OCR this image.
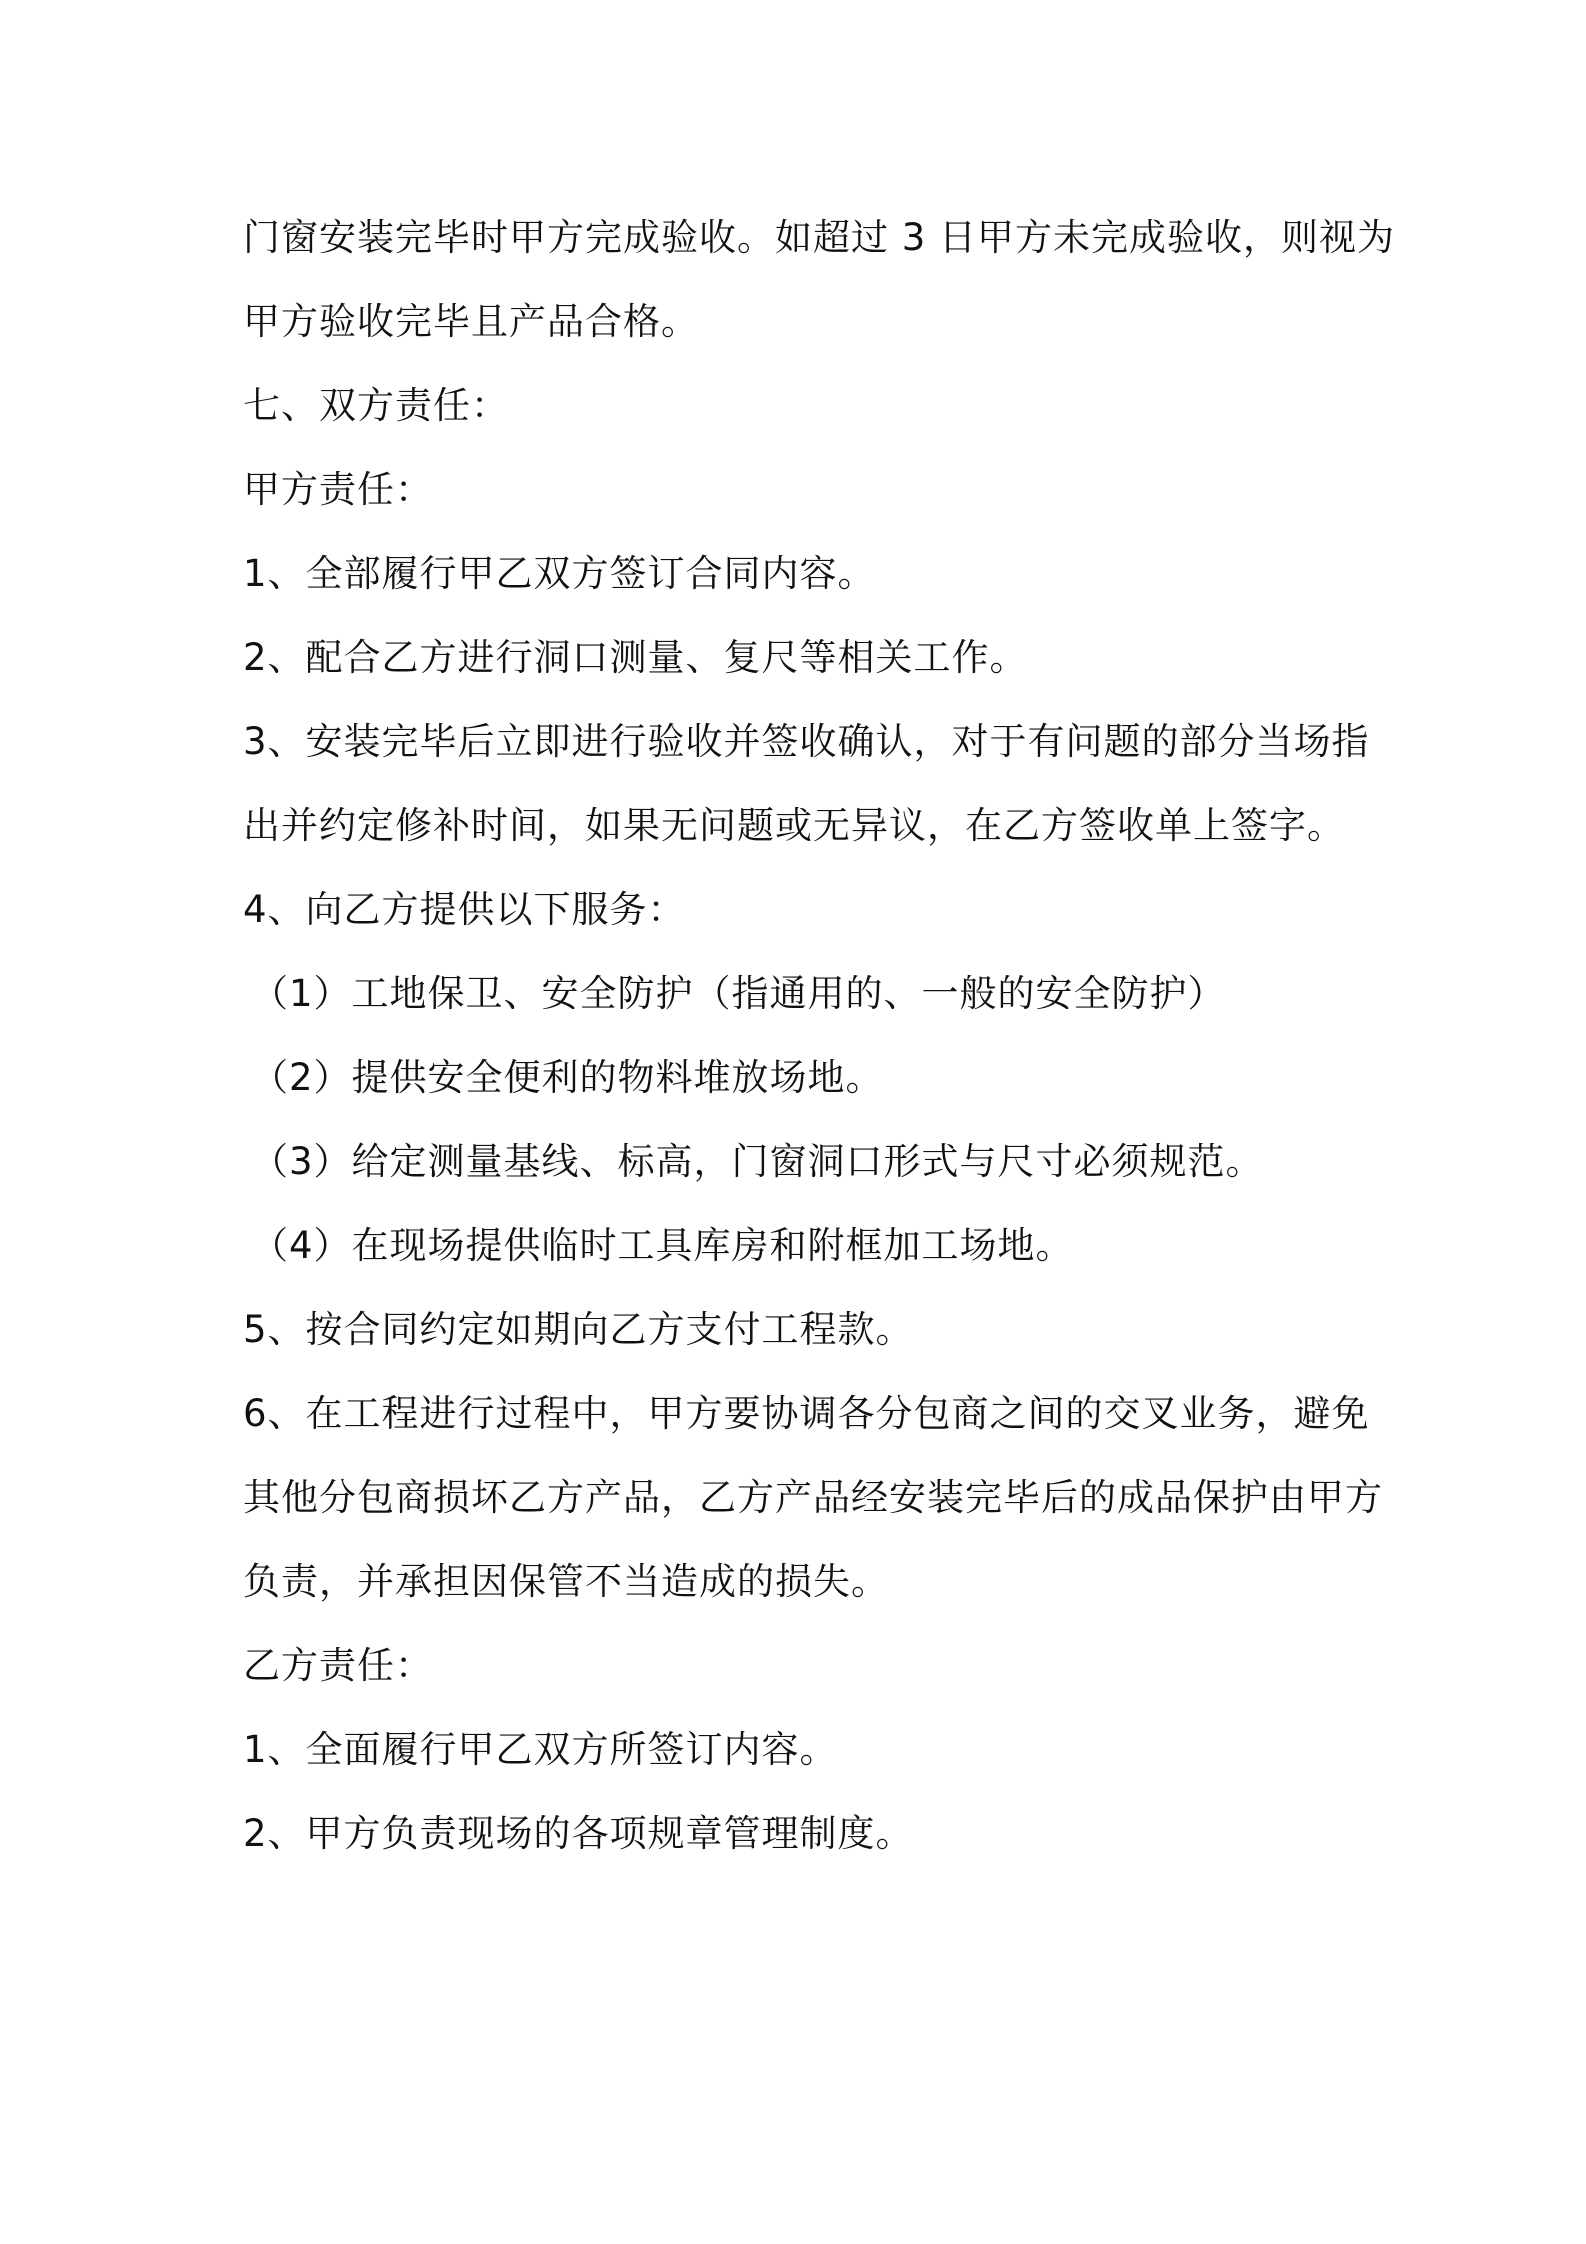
门窗安装完毕时甲方完成验收。如超过 3 日甲方未完成验收，则视为

甲方验收完毕且产品合格。

七、双方责任：

甲方责任：

1、全部履行甲乙双方签订合同内容。

2、配合乙方进行洞口测量、复尺等相关工作。

3、安装完毕后立即进行验收并签收确认，对于有问题的部分当场指

出并约定修补时间，如果无问题或无异议，在乙方签收单上签字。

4、向乙方提供以下服务：

（1）工地保卫、安全防护（指通用的、一般的安全防护）

（2）提供安全便利的物料堆放场地。

（3）给定测量基线、标高，门窗洞口形式与尺寸必须规范。

（4）在现场提供临时工具库房和附框加工场地。

5、按合同约定如期向乙方支付工程款。

6、在工程进行过程中，甲方要协调各分包商之间的交叉业务，避免

其他分包商损坏乙方产品，乙方产品经安装完毕后的成品保护由甲方

负责，并承担因保管不当造成的损失。

乙方责任：

1、全面履行甲乙双方所签订内容。

2、甲方负责现场的各项规章管理制度。
